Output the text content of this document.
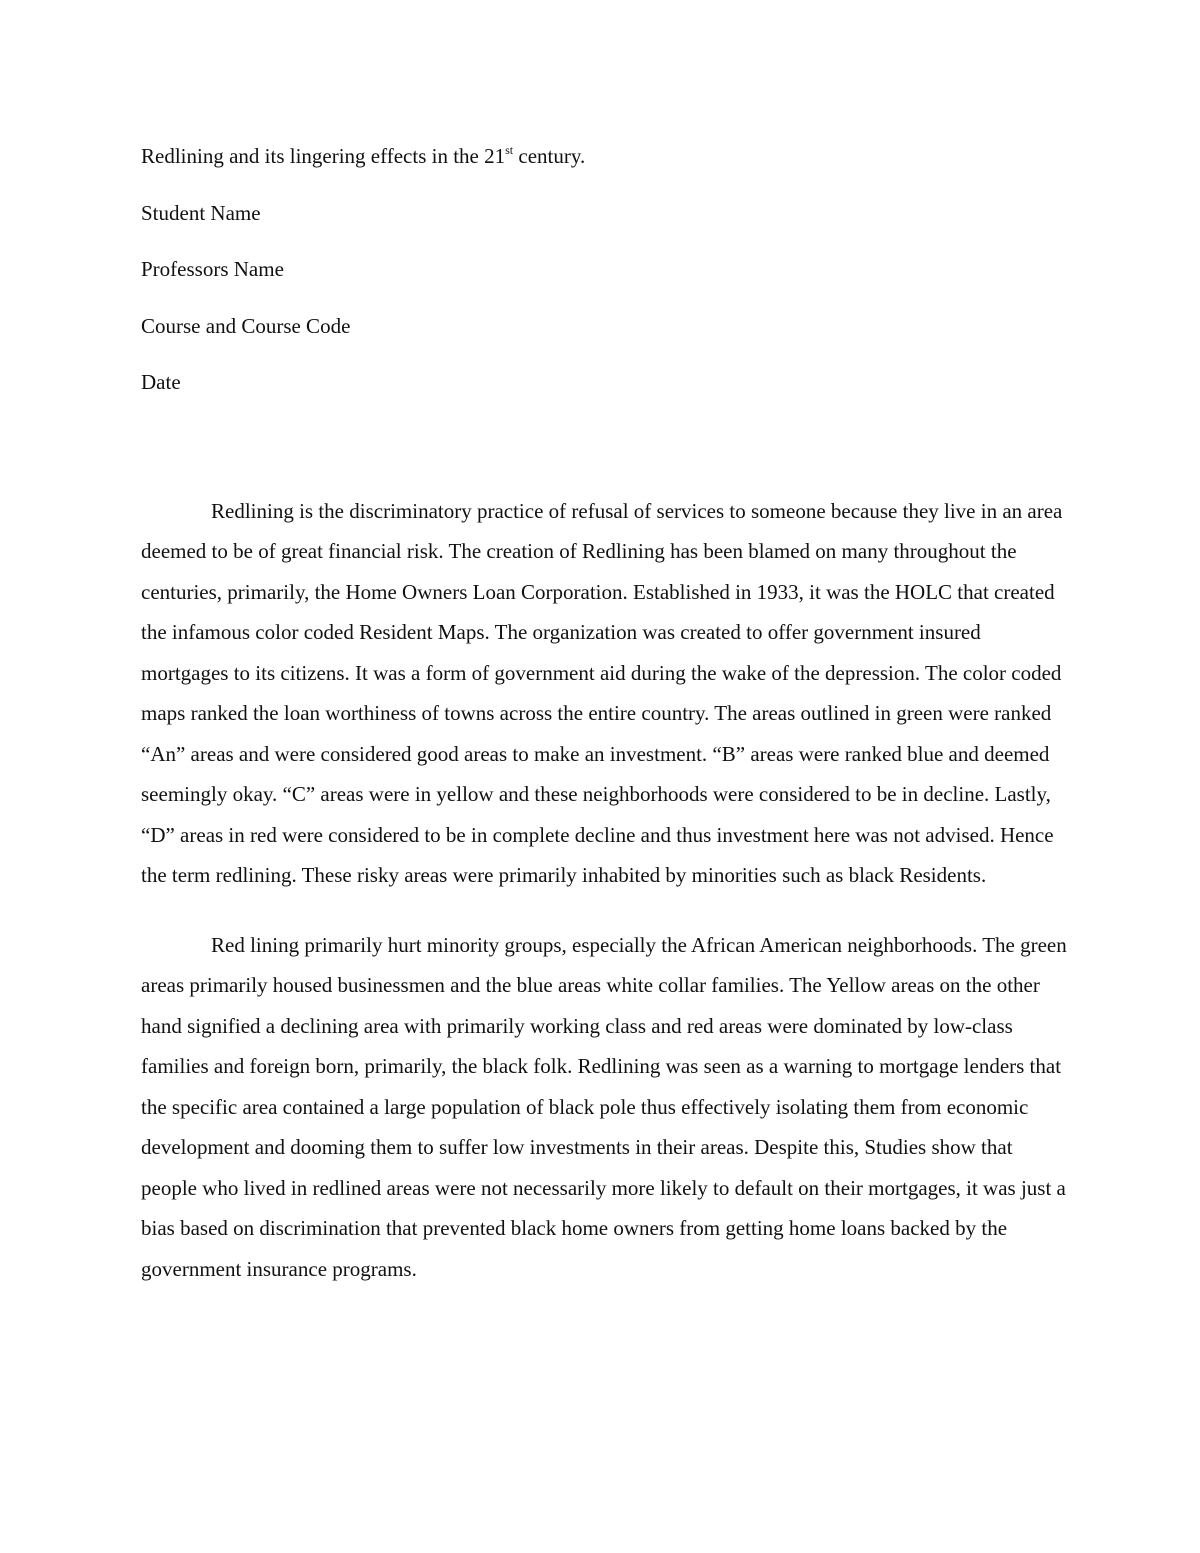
Redlining and its lingering effects in the 21st century.

Student Name

Professors Name

Course and Course Code

Date

Redlining is the discriminatory practice of refusal of services to someone because they live in an area deemed to be of great financial risk. The creation of Redlining has been blamed on many throughout the centuries, primarily, the Home Owners Loan Corporation. Established in 1933, it was the HOLC that created the infamous color coded Resident Maps. The organization was created to offer government insured mortgages to its citizens. It was a form of government aid during the wake of the depression. The color coded maps ranked the loan worthiness of towns across the entire country. The areas outlined in green were ranked “An” areas and were considered good areas to make an investment. “B” areas were ranked blue and deemed seemingly okay. “C” areas were in yellow and these neighborhoods were considered to be in decline. Lastly, “D” areas in red were considered to be in complete decline and thus investment here was not advised. Hence the term redlining. These risky areas were primarily inhabited by minorities such as black Residents.

Red lining primarily hurt minority groups, especially the African American neighborhoods. The green areas primarily housed businessmen and the blue areas white collar families. The Yellow areas on the other hand signified a declining area with primarily working class and red areas were dominated by low-class families and foreign born, primarily, the black folk. Redlining was seen as a warning to mortgage lenders that the specific area contained a large population of black pole thus effectively isolating them from economic development and dooming them to suffer low investments in their areas. Despite this, Studies show that people who lived in redlined areas were not necessarily more likely to default on their mortgages, it was just a bias based on discrimination that prevented black home owners from getting home loans backed by the government insurance programs.
